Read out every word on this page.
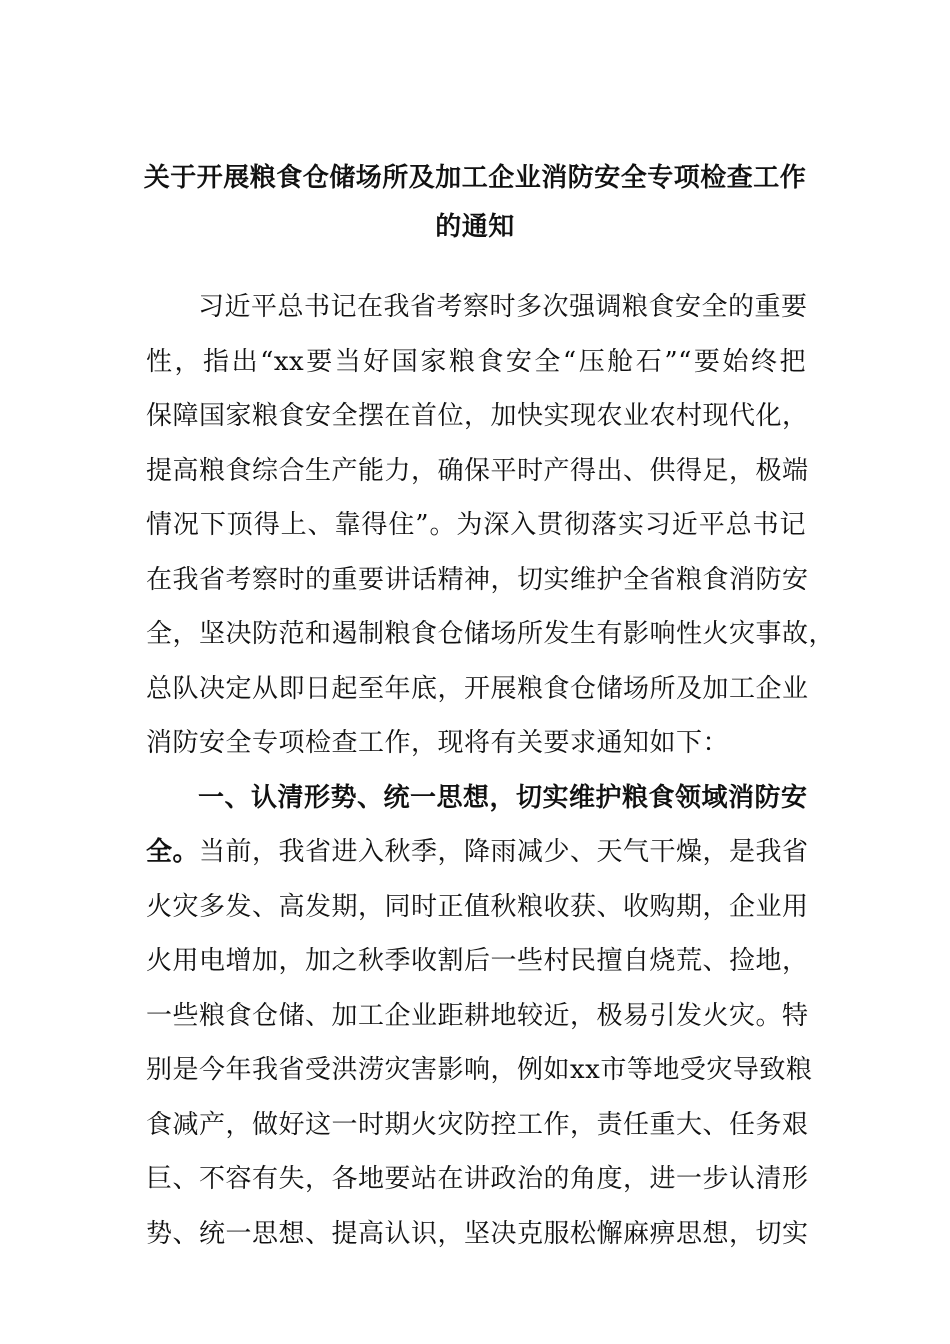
关于开展粮食仓储场所及加工企业消防安全专项检查工作
的通知
习近平总书记在我省考察时多次强调粮食安全的重要
性，指出“xx要当好国家粮食安全“压舱石”“要始终把
保障国家粮食安全摆在首位，加快实现农业农村现代化，
提高粮食综合生产能力，确保平时产得出、供得足，极端
情况下顶得上、靠得住”。为深入贯彻落实习近平总书记
在我省考察时的重要讲话精神，切实维护全省粮食消防安
全，坚决防范和遏制粮食仓储场所发生有影响性火灾事故，
总队决定从即日起至年底，开展粮食仓储场所及加工企业
消防安全专项检查工作，现将有关要求通知如下：
一、认清形势、统一思想，切实维护粮食领域消防安
全。当前，我省进入秋季，降雨减少、天气干燥，是我省
火灾多发、高发期，同时正值秋粮收获、收购期，企业用
火用电增加，加之秋季收割后一些村民擅自烧荒、捡地，
一些粮食仓储、加工企业距耕地较近，极易引发火灾。特
别是今年我省受洪涝灾害影响，例如xx市等地受灾导致粮
食减产，做好这一时期火灾防控工作，责任重大、任务艰
巨、不容有失，各地要站在讲政治的角度，进一步认清形
势、统一思想、提高认识，坚决克服松懈麻痹思想，切实
